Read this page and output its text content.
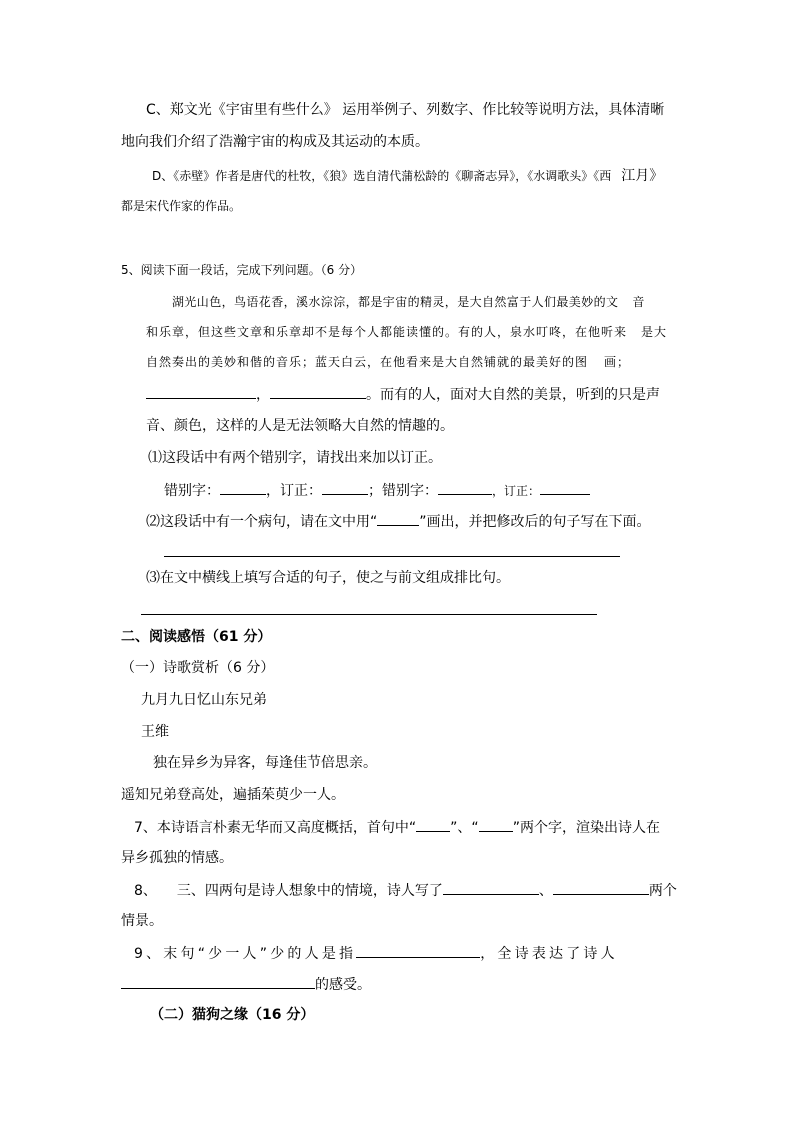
C、郑文光《宇宙里有些什么》 运用举例子、列数字、作比较等说明方法，具体清晰
地向我们介绍了浩瀚宇宙的构成及其运动的本质。
D、《赤壁》作者是唐代的杜牧，《狼》选自清代蒲松龄的《聊斋志异》，《水调歌头》《西 江月》
都是宋代作家的作品。
5、阅读下面一段话，完成下列问题。（6 分）
湖光山色，鸟语花香，溪水淙淙，都是宇宙的精灵，是大自然富于人们最美妙的文 音
和乐章，但这些文章和乐章却不是每个人都能读懂的。有的人，泉水叮咚，在他听来 是大
自然奏出的美妙和偕的音乐；蓝天白云，在他看来是大自然铺就的最美好的图 画；
，	。而有的人，面对大自然的美景，听到的只是声
音、颜色，这样的人是无法领略大自然的情趣的。
⑴这段话中有两个错别字，请找出来加以订正。
错别字：	，订正：	；错别字：	，订正：
⑵这段话中有一个病句，请在文中用“	”画出，并把修改后的句子写在下面。
⑶在文中横线上填写合适的句子，使之与前文组成排比句。
二、阅读感悟（61 分）
（一）诗歌赏析（6 分）
九月九日忆山东兄弟
王维
独在异乡为异客，每逢佳节倍思亲。
遥知兄弟登高处，遍插茱萸少一人。
7、本诗语言朴素无华而又高度概括，首句中“ ”、“ ”两个字，渲染出诗人在
异乡孤独的情感。
8、 三、四两句是诗人想象中的情境，诗人写了	、	两个
情景。
9、末句“少一人”少的人是指	，全诗表达了诗人
的感受。
（二）猫狗之缘（16 分）
